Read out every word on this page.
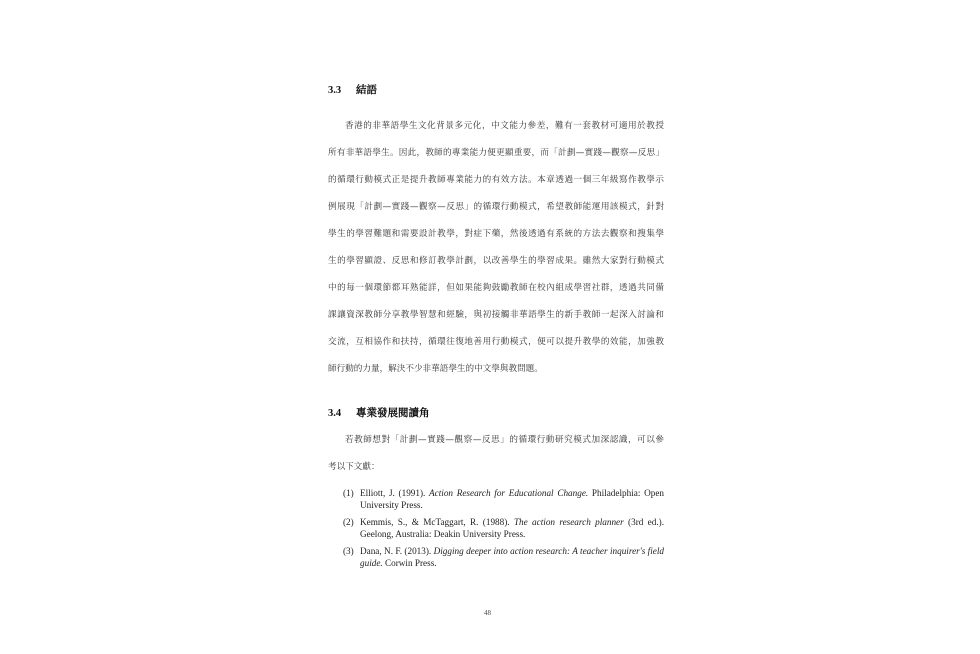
3.3 結語
香港的非華語學生文化背景多元化，中文能力參差，難有一套教材可適用於教授
所有非華語學生。因此，教師的專業能力便更顯重要，而「計劃—實踐—觀察—反思」
的循環行動模式正是提升教師專業能力的有效方法。本章透過一個三年級寫作教學示
例展現「計劃—實踐—觀察—反思」的循環行動模式，希望教師能運用該模式，針對
學生的學習難題和需要設計教學，對症下藥，然後透過有系統的方法去觀察和搜集學
生的學習顯證、反思和修訂教學計劃，以改善學生的學習成果。雖然大家對行動模式
中的每一個環節都耳熟能詳，但如果能夠鼓勵教師在校內組成學習社群，透過共同備
課讓資深教師分享教學智慧和經驗，與初接觸非華語學生的新手教師一起深入討論和
交流，互相協作和扶持，循環往復地善用行動模式，便可以提升教學的效能，加強教
師行動的力量，解決不少非華語學生的中文學與教問題。
3.4 專業發展閱讀角
若教師想對「計劃—實踐—觀察—反思」的循環行動研究模式加深認識，可以參
考以下文獻：
(1) Elliott, J. (1991). Action Research for Educational Change. Philadelphia: Open University Press.
(2) Kemmis, S., & McTaggart, R. (1988). The action research planner (3rd ed.). Geelong, Australia: Deakin University Press.
(3) Dana, N. F. (2013). Digging deeper into action research: A teacher inquirer's field guide. Corwin Press.
48
